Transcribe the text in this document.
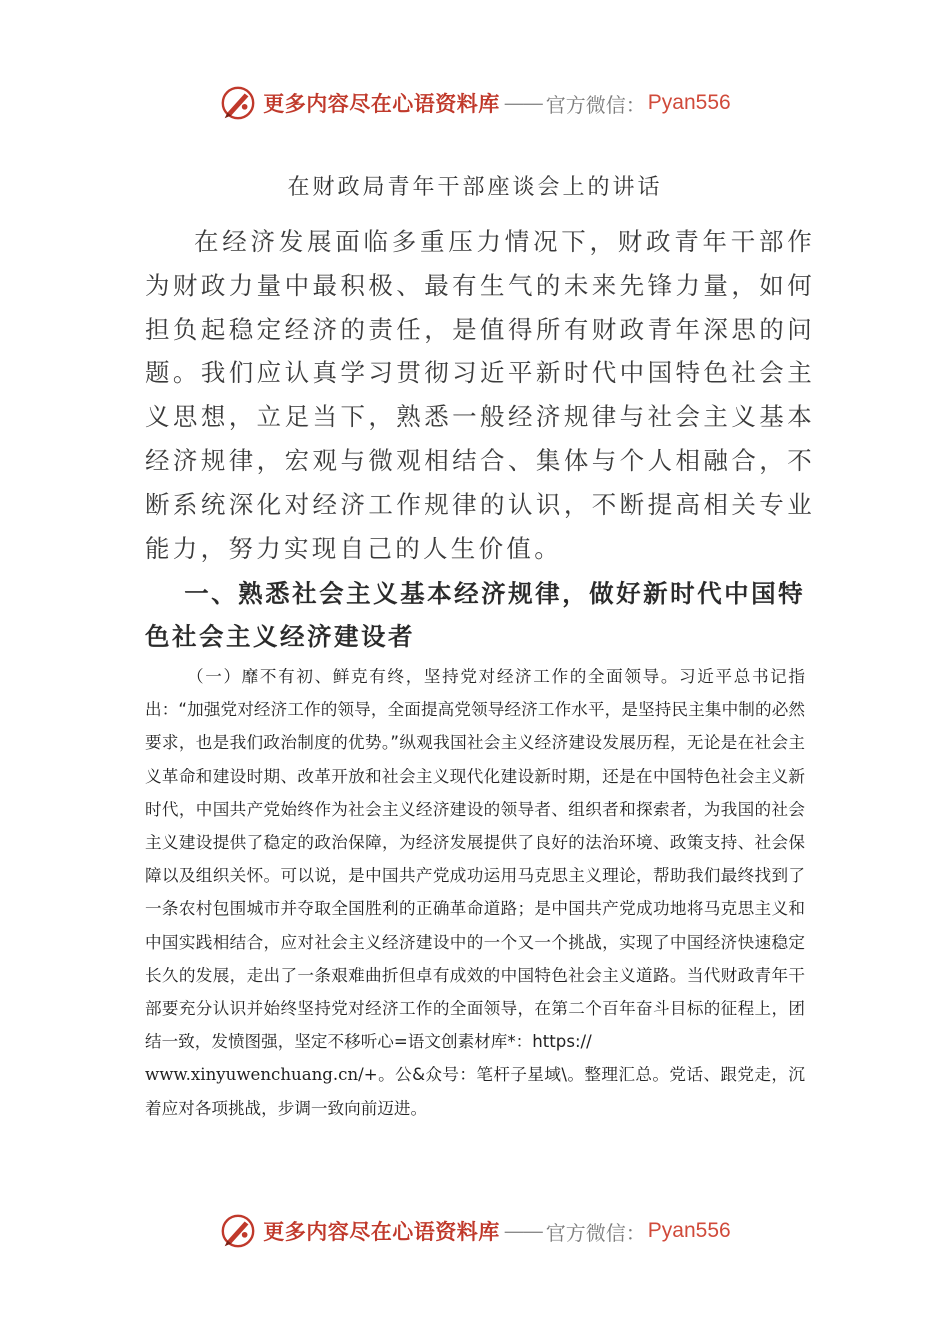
更多内容尽在心语资料库 —— 官方微信： Pyan556
在财政局青年干部座谈会上的讲话

在经济发展面临多重压力情况下，财政青年干部作为财政力量中最积极、最有生气的未来先锋力量，如何担负起稳定经济的责任，是值得所有财政青年深思的问题。我们应认真学习贯彻习近平新时代中国特色社会主义思想，立足当下，熟悉一般经济规律与社会主义基本经济规律，宏观与微观相结合、集体与个人相融合，不断系统深化对经济工作规律的认识，不断提高相关专业能力，努力实现自己的人生价值。

一、熟悉社会主义基本经济规律，做好新时代中国特色社会主义经济建设者

（一）靡不有初、鲜克有终，坚持党对经济工作的全面领导。习近平总书记指出：“加强党对经济工作的领导，全面提高党领导经济工作水平，是坚持民主集中制的必然要求，也是我们政治制度的优势。”纵观我国社会主义经济建设发展历程，无论是在社会主义革命和建设时期、改革开放和社会主义现代化建设新时期，还是在中国特色社会主义新时代，中国共产党始终作为社会主义经济建设的领导者、组织者和探索者，为我国的社会主义建设提供了稳定的政治保障，为经济发展提供了良好的法治环境、政策支持、社会保障以及组织关怀。可以说，是中国共产党成功运用马克思主义理论，帮助我们最终找到了一条农村包围城市并夺取全国胜利的正确革命道路；是中国共产党成功地将马克思主义和中国实践相结合，应对社会主义经济建设中的一个又一个挑战，实现了中国经济快速稳定长久的发展，走出了一条艰难曲折但卓有成效的中国特色社会主义道路。当代财政青年干部要充分认识并始终坚持党对经济工作的全面领导，在第二个百年奋斗目标的征程上，团结一致，发愤图强，坚定不移听心=语文创素材库*：https://
www.xinyuwenchuang.cn/+。公&众号：笔杆子星域\。整理汇总。党话、跟党走，沉着应对各项挑战，步调一致向前迈进。

更多内容尽在心语资料库 —— 官方微信： Pyan556
